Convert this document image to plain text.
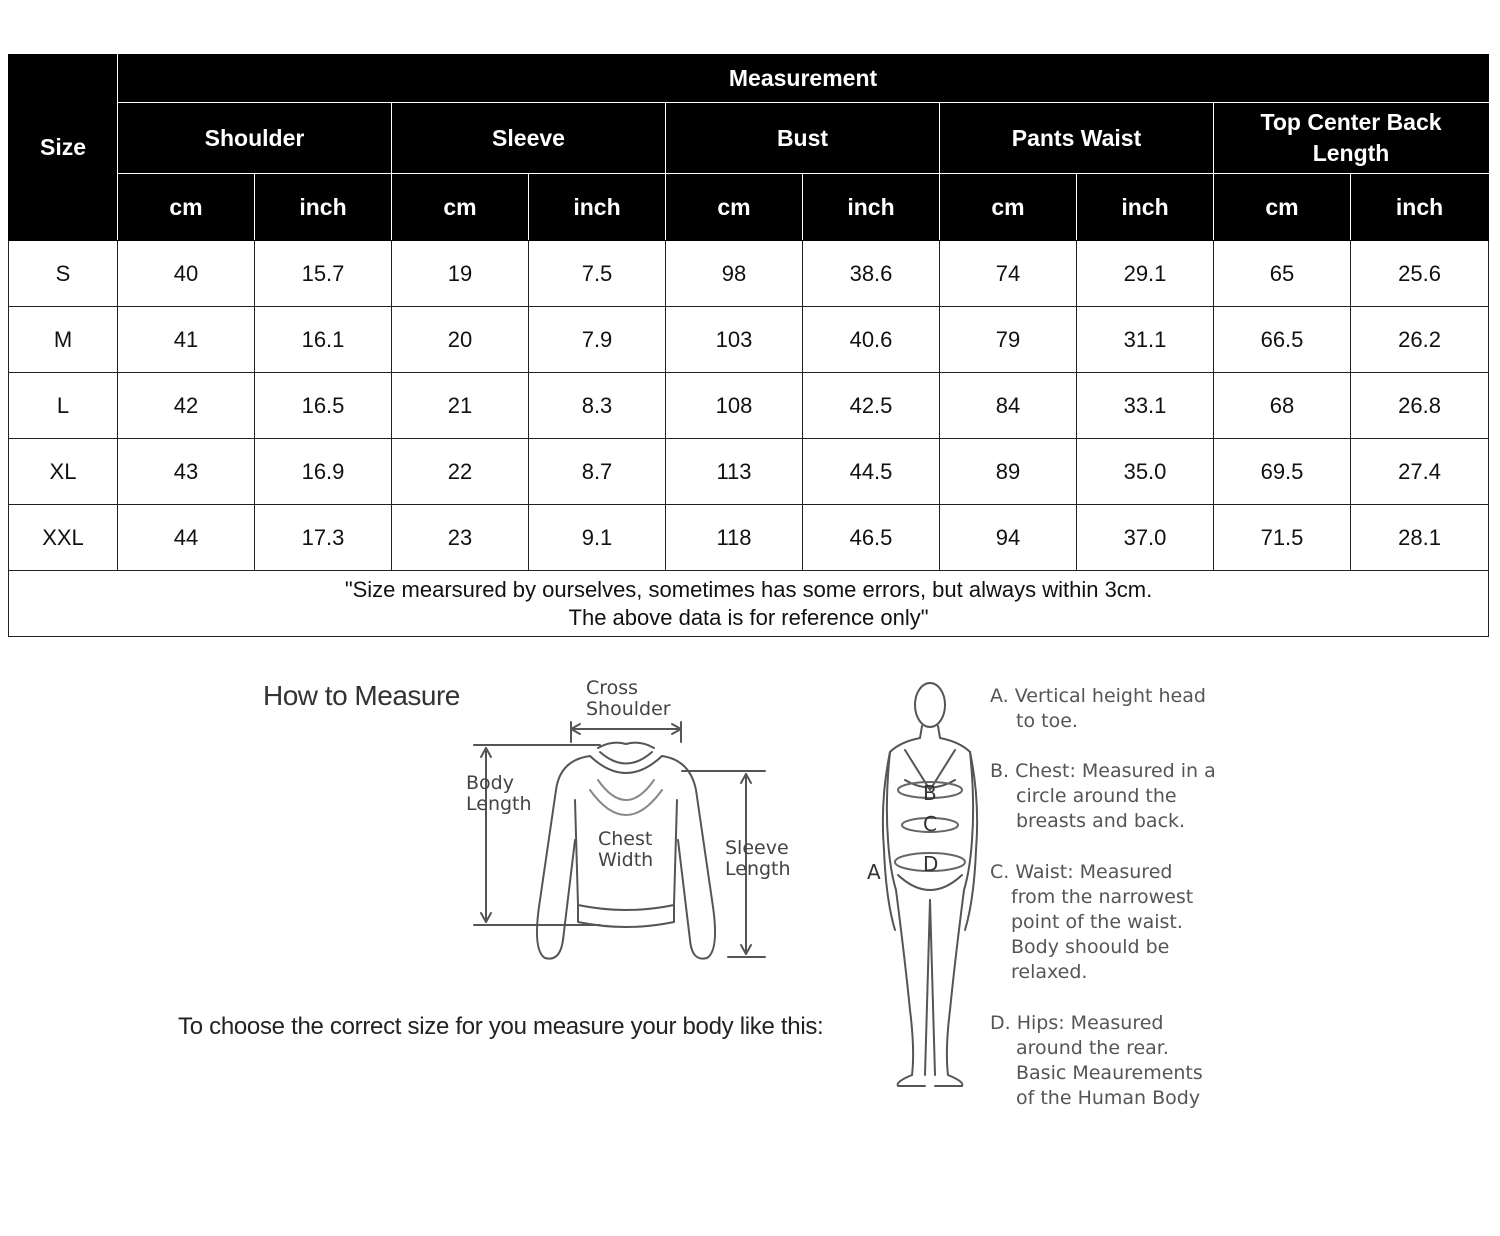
Size	Measurement									
	Shoulder		Sleeve		Bust		Pants Waist		Top Center Back Length	
	cm	inch	cm	inch	cm	inch	cm	inch	cm	inch
S	40	15.7	19	7.5	98	38.6	74	29.1	65	25.6
M	41	16.1	20	7.9	103	40.6	79	31.1	66.5	26.2
L	42	16.5	21	8.3	108	42.5	84	33.1	68	26.8
XL	43	16.9	22	8.7	113	44.5	89	35.0	69.5	27.4
XXL	44	17.3	23	9.1	118	46.5	94	37.0	71.5	28.1

"Size mearsured by ourselves, sometimes has some errors, but always within 3cm.
The above data is for reference only"										
How to Measure
To choose the correct size for you measure your body like this:
A
B
C
D
Cross
Shoulder
Body
Length
Chest
Width
Sleeve
Length
A. Vertical height head
to toe.
B. Chest: Measured in a
circle around the
breasts and back.
C. Waist: Measured
from the narrowest
point of the waist.
Body shoould be
relaxed.
D. Hips: Measured
around the rear.
Basic Meaurements
of the Human Body
